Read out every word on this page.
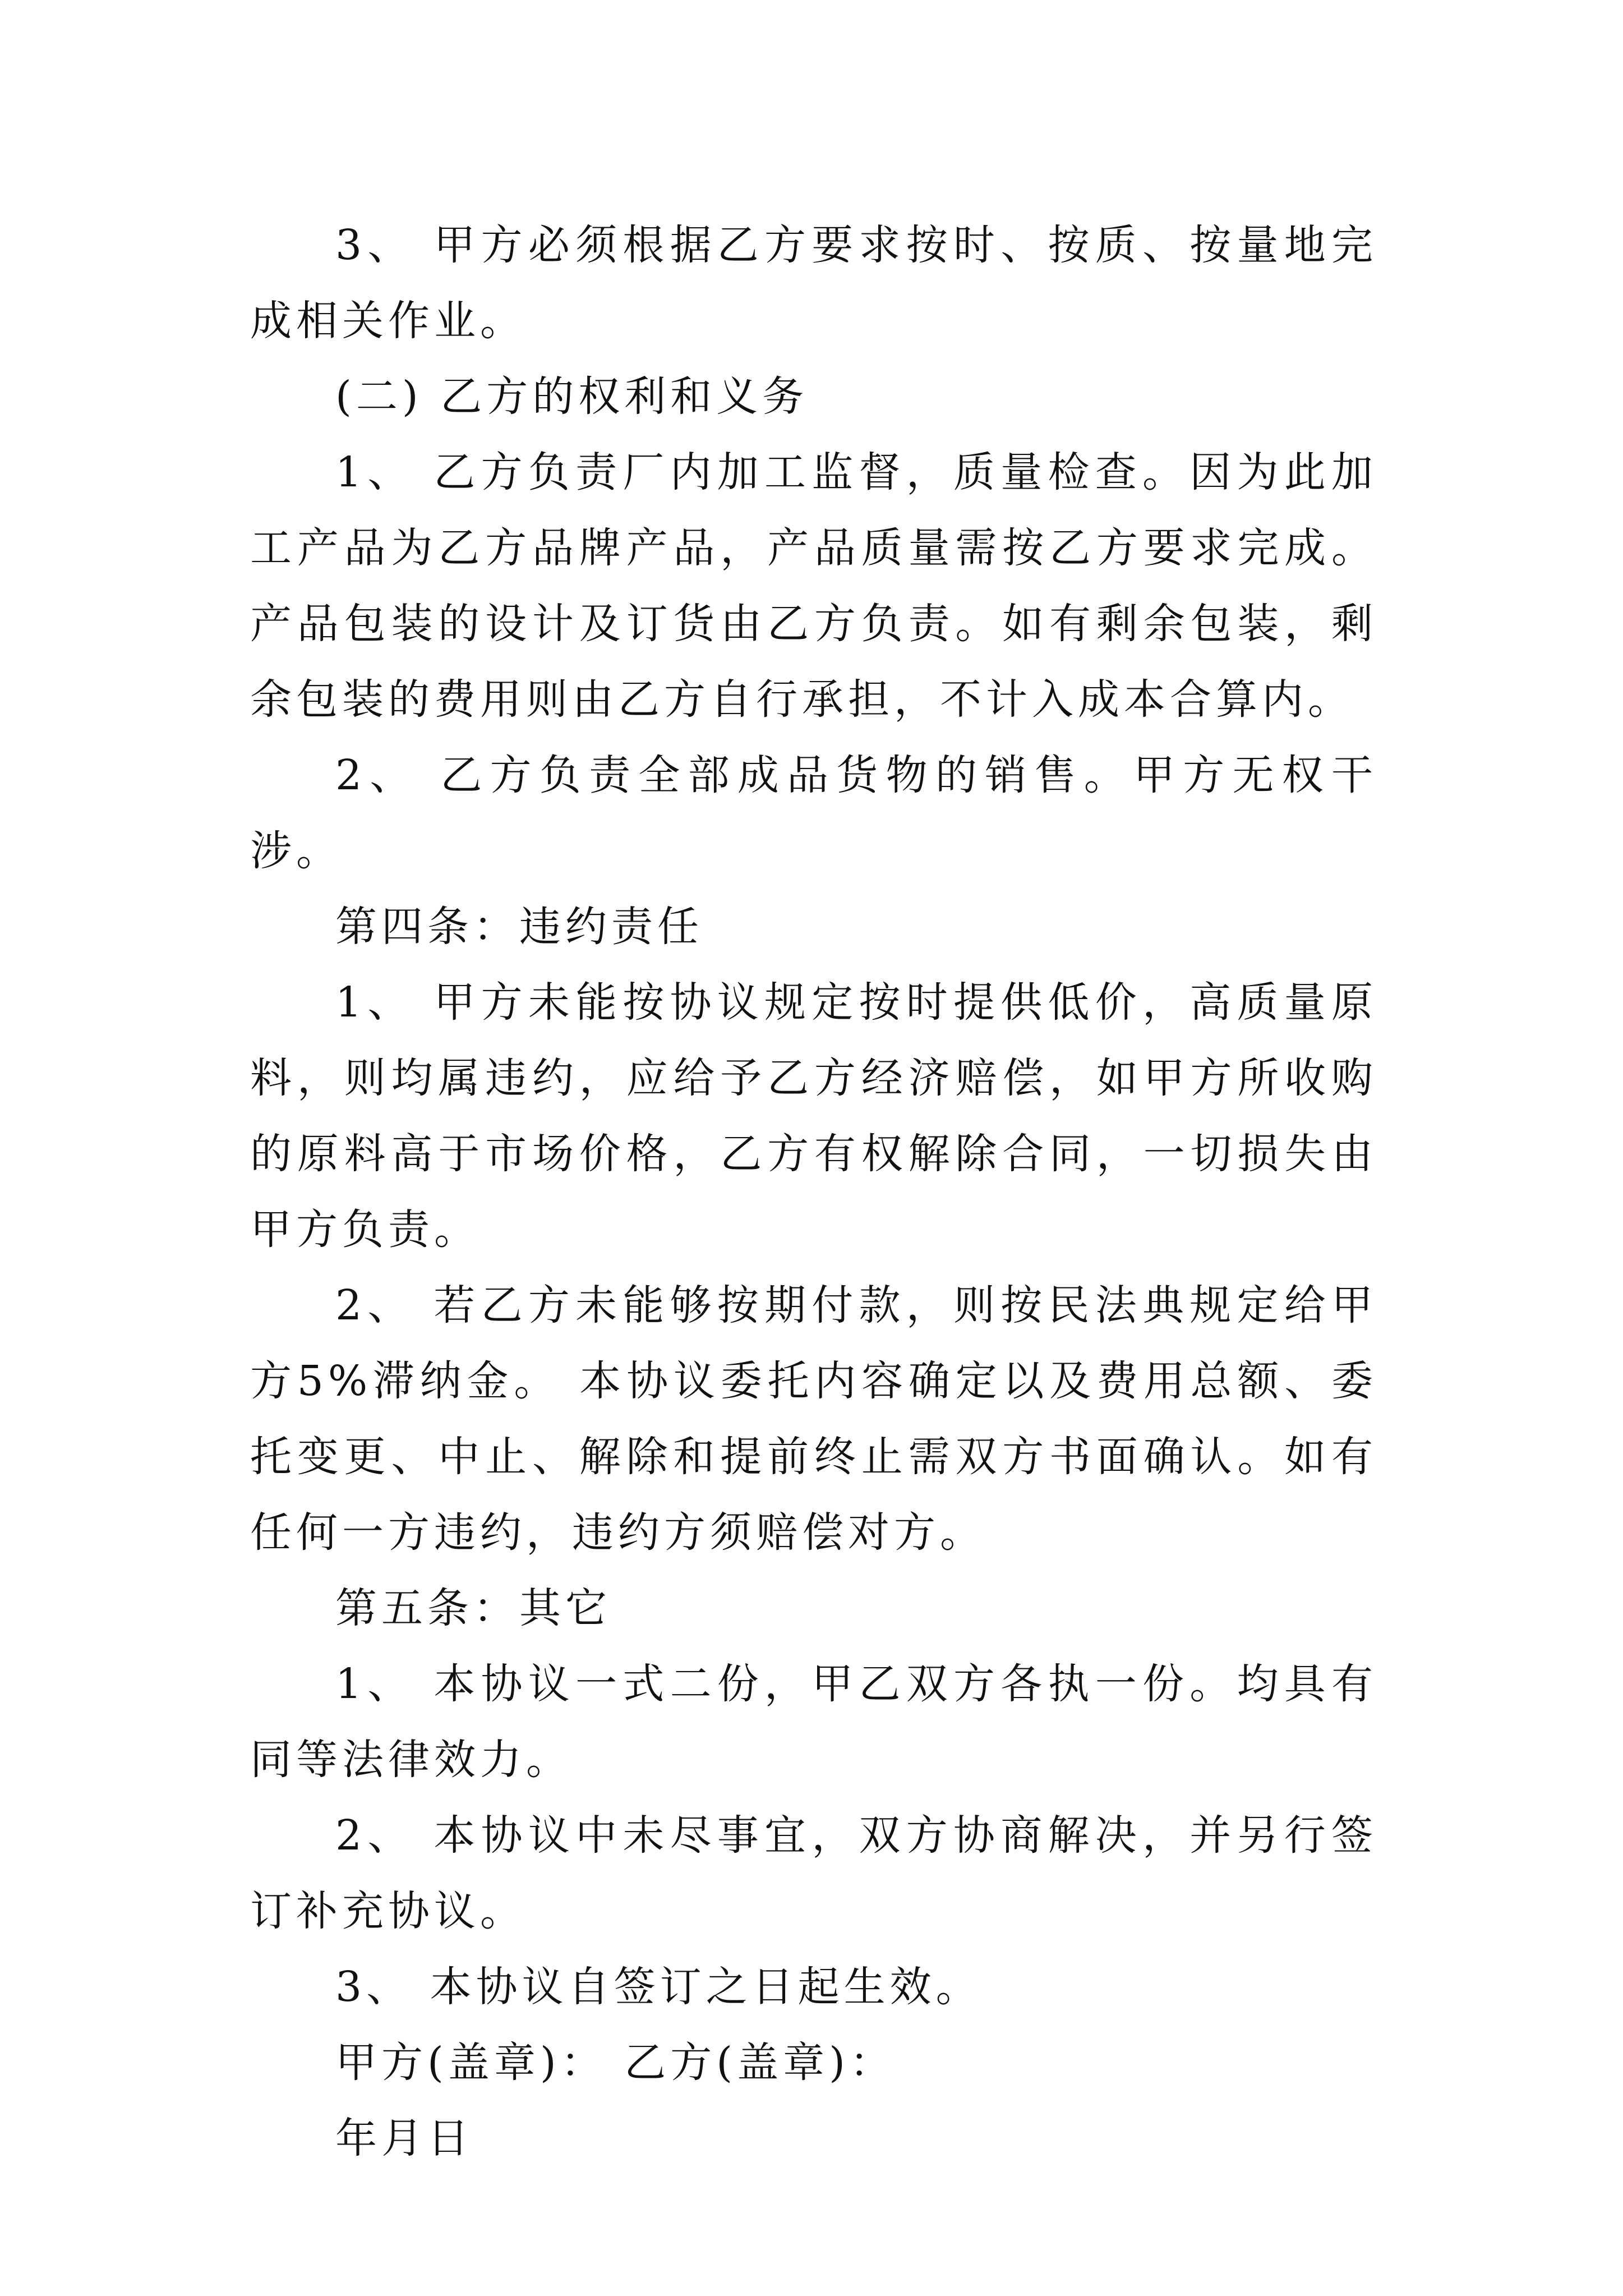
3、 甲方必须根据乙方要求按时、按质、按量地完成相关作业。

(二) 乙方的权利和义务

1、 乙方负责厂内加工监督，质量检查。因为此加工产品为乙方品牌产品，产品质量需按乙方要求完成。产品包装的设计及订货由乙方负责。如有剩余包装，剩余包装的费用则由乙方自行承担，不计入成本合算内。

2、 乙方负责全部成品货物的销售。甲方无权干涉。

第四条：违约责任

1、 甲方未能按协议规定按时提供低价，高质量原料，则均属违约，应给予乙方经济赔偿，如甲方所收购的原料高于市场价格，乙方有权解除合同，一切损失由甲方负责。

2、 若乙方未能够按期付款，则按民法典规定给甲方5%滞纳金。 本协议委托内容确定以及费用总额、委托变更、中止、解除和提前终止需双方书面确认。如有任何一方违约，违约方须赔偿对方。

第五条：其它

1、 本协议一式二份，甲乙双方各执一份。均具有同等法律效力。

2、 本协议中未尽事宜，双方协商解决，并另行签订补充协议。

3、 本协议自签订之日起生效。

甲方(盖章)： 乙方(盖章)：

年月日
